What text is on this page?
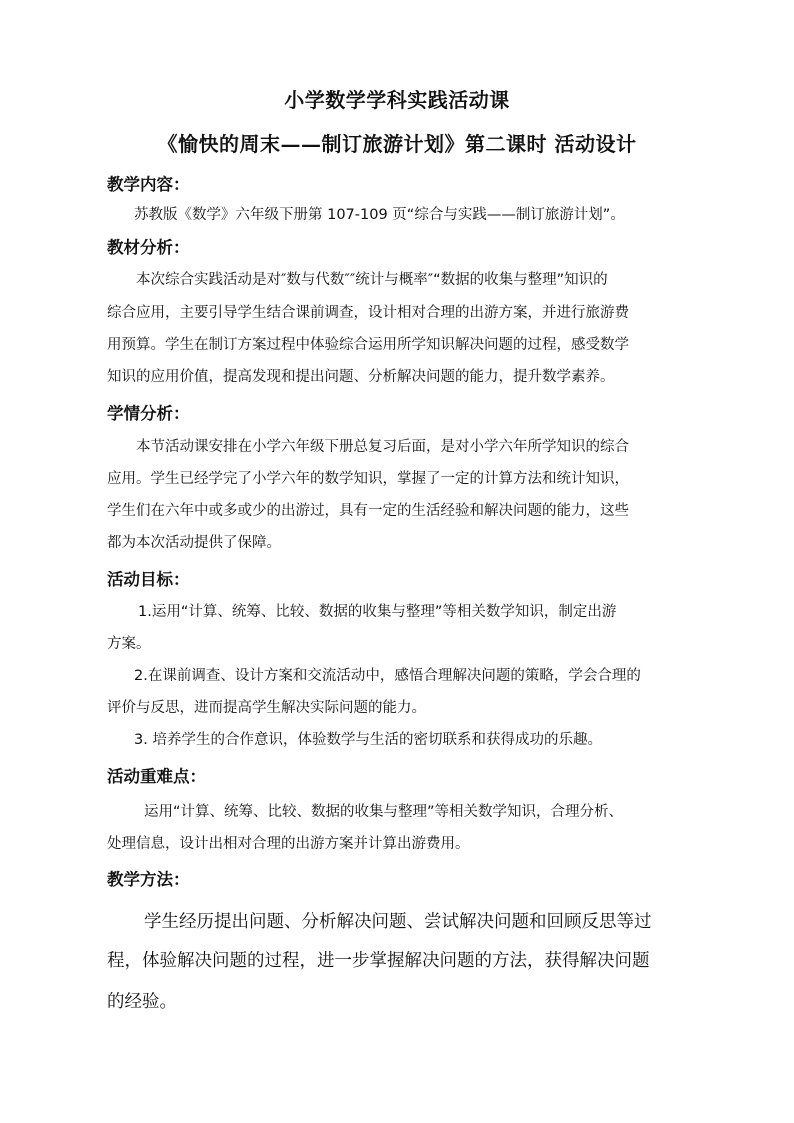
小学数学学科实践活动课
《愉快的周末——制订旅游计划》第二课时 活动设计
教学内容：
苏教版《数学》六年级下册第 107-109 页“综合与实践——制订旅游计划”。
教材分析：
本次综合实践活动是对″数与代数″″统计与概率″“数据的收集与整理”知识的
综合应用，主要引导学生结合课前调查，设计相对合理的出游方案，并进行旅游费
用预算。学生在制订方案过程中体验综合运用所学知识解决问题的过程，感受数学
知识的应用价值，提高发现和提出问题、分析解决问题的能力，提升数学素养。
学情分析：
本节活动课安排在小学六年级下册总复习后面，是对小学六年所学知识的综合
应用。学生已经学完了小学六年的数学知识，掌握了一定的计算方法和统计知识，
学生们在六年中或多或少的出游过，具有一定的生活经验和解决问题的能力，这些
都为本次活动提供了保障。
活动目标：
1.运用“计算、统筹、比较、数据的收集与整理”等相关数学知识，制定出游
方案。
2.在课前调查、设计方案和交流活动中，感悟合理解决问题的策略，学会合理的
评价与反思，进而提高学生解决实际问题的能力。
3. 培养学生的合作意识，体验数学与生活的密切联系和获得成功的乐趣。
活动重难点：
运用“计算、统筹、比较、数据的收集与整理”等相关数学知识，合理分析、
处理信息，设计出相对合理的出游方案并计算出游费用。
教学方法：
学生经历提出问题、分析解决问题、尝试解决问题和回顾反思等过
程，体验解决问题的过程，进一步掌握解决问题的方法，获得解决问题
的经验。
